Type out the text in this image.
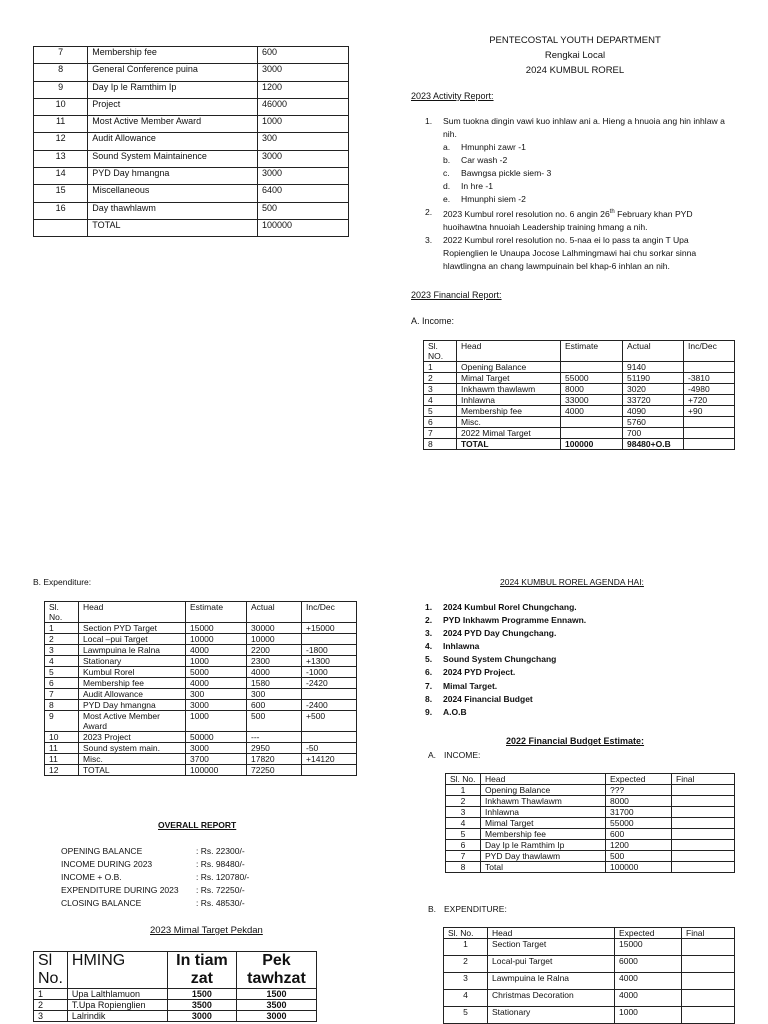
7	Membership fee	600
8	General Conference puina	3000
9	Day Ip le Ramthim Ip	1200
10	Project	46000
11	Most Active Member Award	1000
12	Audit Allowance	300
13	Sound System Maintainence	3000
14	PYD Day hmangna	3000
15	Miscellaneous	6400
16	Day thawhlawm	500
	TOTAL	100000
PENTECOSTAL YOUTH DEPARTMENT
Rengkai Local
2024 KUMBUL ROREL
2023 Activity Report:
1.	Sum tuokna dingin vawi kuo inhlaw ani a. Hieng a hnuoia ang hin inhlaw a nih.
a.	Hmunphi zawr -1
b.	Car wash -2
c.	Bawngsa pickle siem- 3
d.	In hre -1
e.	Hmunphi siem -2
2.	2023 Kumbul rorel resolution no. 6 angin 26th February khan PYD huoihawtna hnuoiah Leadership training hmang a nih.
3.	2022 Kumbul rorel resolution no. 5-naa ei lo pass ta angin T Upa Ropienglien le Unaupa Jocose Lalhmingmawi hai chu sorkar sinna hlawtlingna an chang lawmpuinain bel khap-6 inhlan an nih.
2023 Financial Report:
A. Income:
Sl. NO.	Head	Estimate	Actual	Inc/Dec
1	Opening Balance		9140	
2	Mimal Target	55000	51190	-3810
3	Inkhawm thawlawm	8000	3020	-4980
4	Inhlawna	33000	33720	+720
5	Membership fee	4000	4090	+90
6	Misc.		5760	
7	2022 Mimal Target		700	
8	TOTAL	100000	98480+O.B	
B. Expenditure:
Sl. No.	Head	Estimate	Actual	Inc/Dec
1	Section PYD Target	15000	30000	+15000
2	Local –pui Target	10000	10000	
3	Lawmpuina le Ralna	4000	2200	-1800
4	Stationary	1000	2300	+1300
5	Kumbul Rorel	5000	4000	-1000
6	Membership fee	4000	1580	-2420
7	Audit Allowance	300	300	
8	PYD Day hmangna	3000	600	-2400
9	Most Active Member Award	1000	500	+500
10	2023 Project	50000	---	
11	Sound system main.	3000	2950	-50
11	Misc.	3700	17820	+14120
12	TOTAL	100000	72250	
OVERALL REPORT
OPENING BALANCE	: Rs. 22300/-
INCOME DURING 2023	: Rs. 98480/-
INCOME + O.B.	: Rs. 120780/-
EXPENDITURE DURING 2023	: Rs. 72250/-
CLOSING BALANCE	: Rs. 48530/-
2023 Mimal Target Pekdan
Sl No.	HMING	In tiam zat	Pek tawhzat
1	Upa Lalthlamuon	1500	1500
2	T.Upa Ropienglien	3500	3500
3	Lalrindik	3000	3000
2024 KUMBUL ROREL AGENDA HAI:
1.	2024 Kumbul Rorel Chungchang.
2.	PYD Inkhawm Programme Ennawn.
3.	2024 PYD Day Chungchang.
4.	Inhlawna
5.	Sound System Chungchang
6.	2024 PYD Project.
7.	Mimal Target.
8.	2024 Financial Budget
9.	A.O.B
2022 Financial Budget Estimate:
A. INCOME:
Sl. No.	Head	Expected	Final
1	Opening Balance	???	
2	Inkhawm Thawlawm	8000	
3	Inhlawna	31700	
4	Mimal Target	55000	
5	Membership fee	600	
6	Day Ip le Ramthim Ip	1200	
7	PYD Day thawlawm	500	
8	Total	100000	
B. EXPENDITURE:
Sl. No.	Head	Expected	Final
1	Section Target	15000	
2	Local-pui Target	6000	
3	Lawmpuina le Ralna	4000	
4	Christmas Decoration	4000	
5	Stationary	1000	
